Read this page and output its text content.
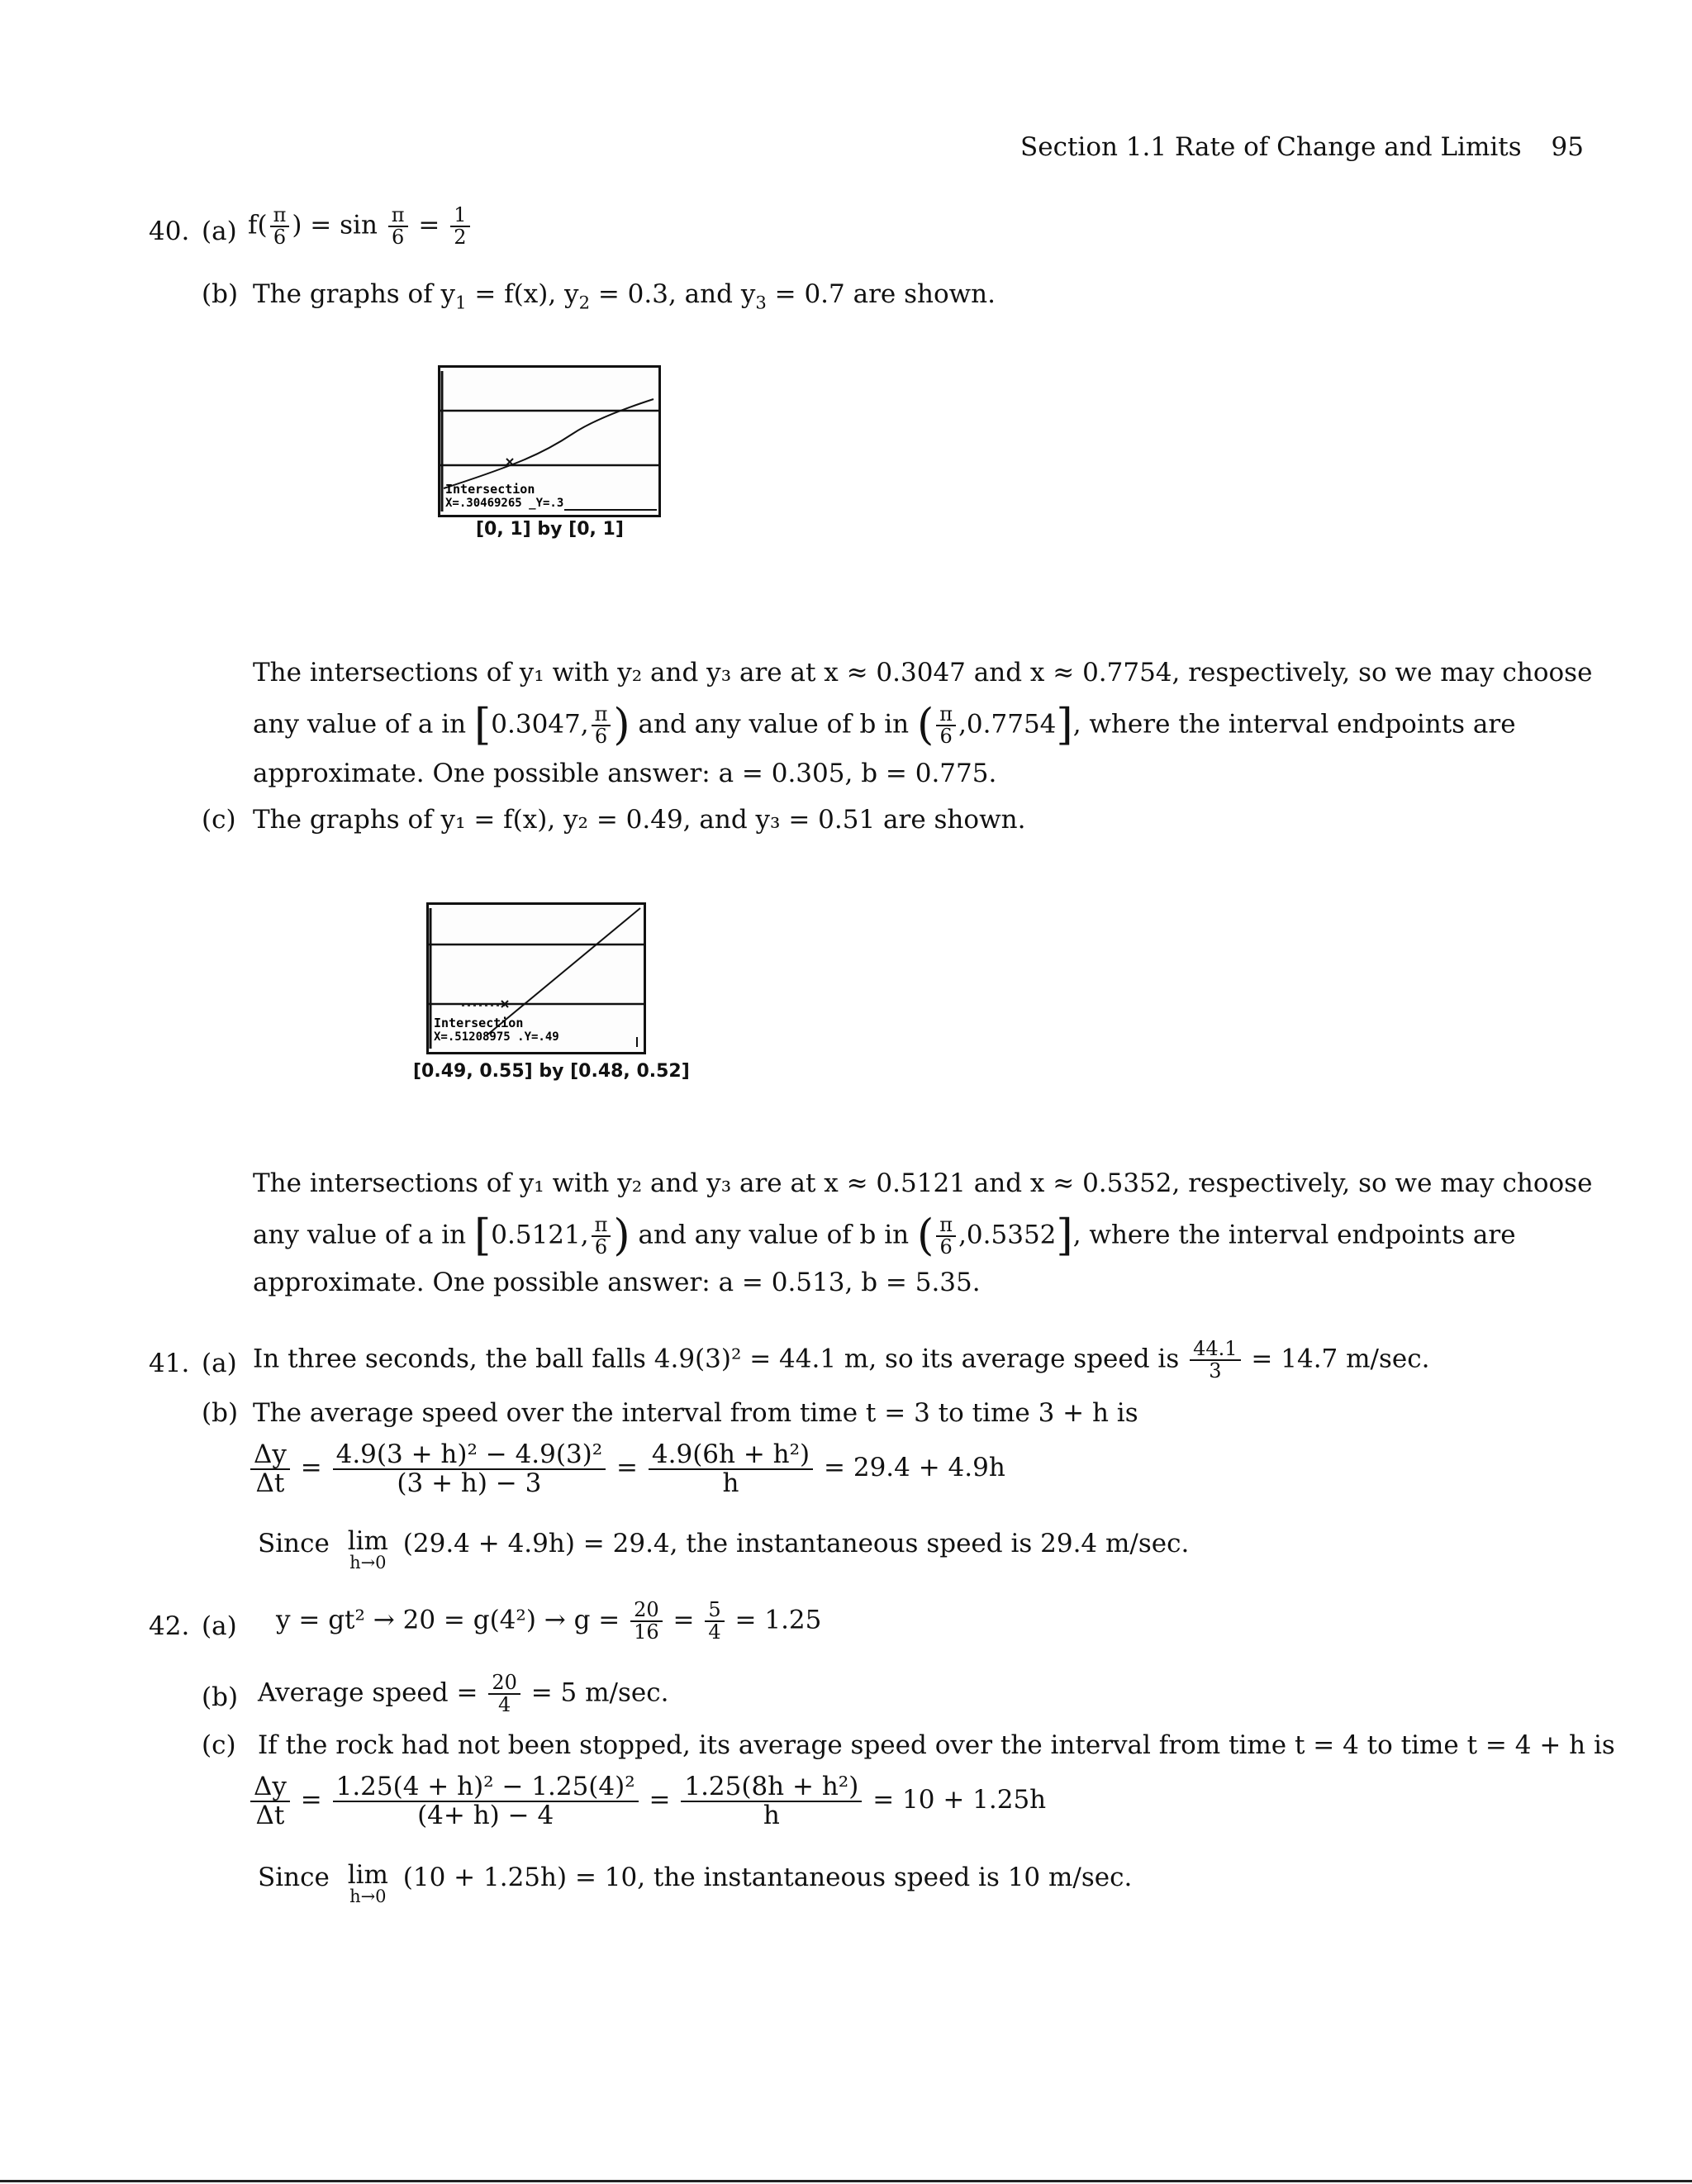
Section 1.1 Rate of Change and Limits 95
40. (a) $f( \frac{\pi}{6}$ ) = $\sin \frac{\pi}{6} = \frac{1}{2}$
(b) The graphs of $y_1 = f(x)$, $y_2 = 0.3$, and $y_3 = 0.7$ are shown.
Intersection
X=.30469265 _Y=.3
[0, 1] by [0, 1]
The intersections of y₁ with y₂ and y₃ are at x ≈ 0.3047 and x ≈ 0.7754, respectively, so we may choose
any value of a in [0.3047, $\frac{\pi}{6}$ ) and any value of b in ( $\frac{\pi}{6} ,0.7754$], where the interval endpoints are
approximate. One possible answer: a = 0.305, b = 0.775.
(c) The graphs of y₁ = f(x), y₂ = 0.49, and y₃ = 0.51 are shown.
Intersection
X=.51208975 .Y=.49
[0.49, 0.55] by [0.48, 0.52]
The intersections of y₁ with y₂ and y₃ are at x ≈ 0.5121 and x ≈ 0.5352, respectively, so we may choose
any value of a in [0.5121, $\frac{\pi}{6}$ ) and any value of b in ( $\frac{\pi}{6} ,0.5352$], where the interval endpoints are
approximate. One possible answer: a = 0.513, b = 5.35.
41. (a) In three seconds, the ball falls 4.9(3)² = 44.1 m, so its average speed is $\frac{44.1}{3} = 14.7$ m/sec.
(b) The average speed over the interval from time t = 3 to time 3 + h is
$\frac{\Delta y}{\Delta t} = \frac{\text{4.9(3 + h)² − 4.9(3)²}}{(3 + h) - 3} = \frac{\text{4.9(6h + h²)}}{h} = 29.4 + 4.9h$
Since lim
h→0
(29.4 + 4.9h) = 29.4, the instantaneous speed is 29.4 m/sec.
42. (a) $y = gt^2 \to 20 = g(4^2) \to g = \frac{20}{16} = \frac{5}{4} = 1.25$
(b) Average speed = $\frac{20}{4} = 5$ m/sec.
(c) If the rock had not been stopped, its average speed over the interval from time t = 4 to time t = 4 + h is
$\frac{\Delta y}{\Delta t} = \frac{\text{1.25(4 + h)² − 1.25(4)²}}{(4+ h) - 4} = \frac{\text{1.25(8h + h²)}}{h} = 10 + 1.25h$
Since lim
h→0
(10 + 1.25h) = 10, the instantaneous speed is 10 m/sec.
